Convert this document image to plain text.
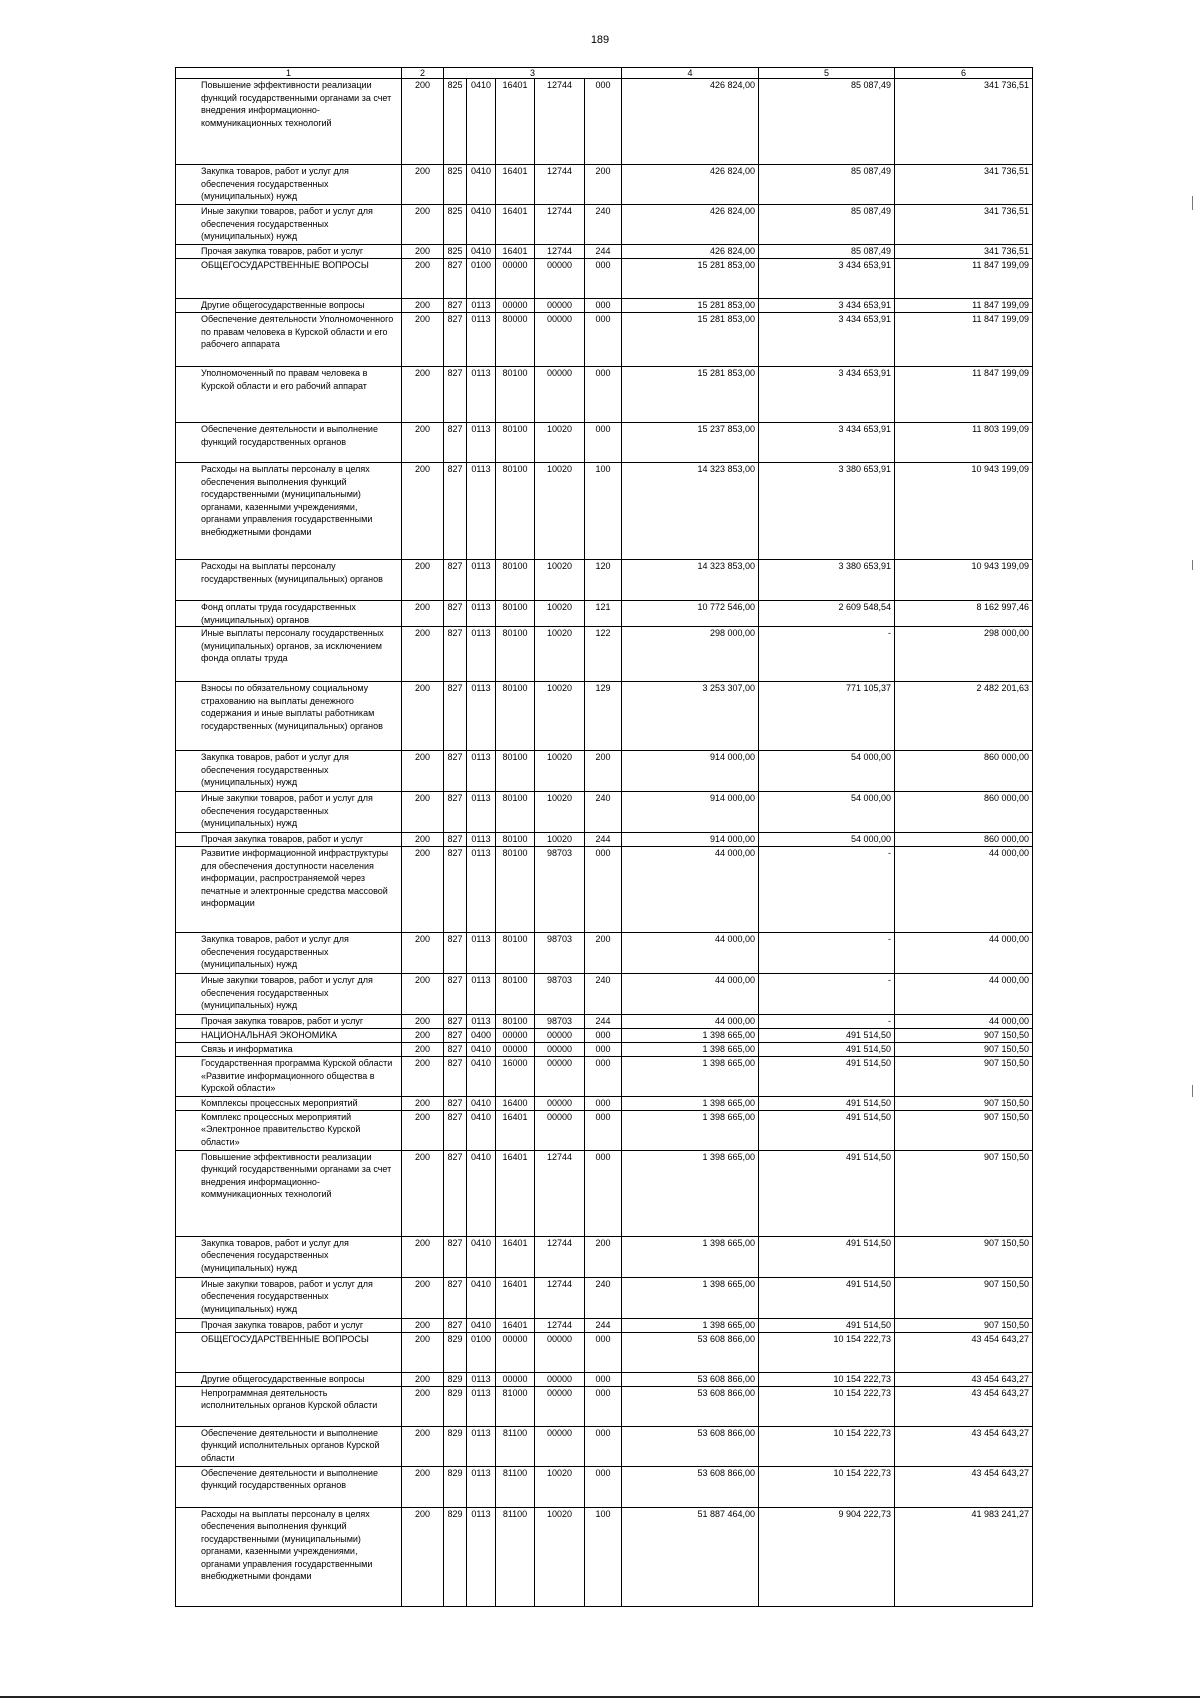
189
1	2	3					4	5	6
Повышение эффективности реализации функций государственными органами за счет внедрения информационно-коммуникационных технологий	200	825	0410	16401	12744	000	426 824,00	85 087,49	341 736,51
Закупка товаров, работ и услуг для обеспечения государственных (муниципальных) нужд	200	825	0410	16401	12744	200	426 824,00	85 087,49	341 736,51
Иные закупки товаров, работ и услуг для обеспечения государственных (муниципальных) нужд	200	825	0410	16401	12744	240	426 824,00	85 087,49	341 736,51
Прочая закупка товаров, работ и услуг	200	825	0410	16401	12744	244	426 824,00	85 087,49	341 736,51
ОБЩЕГОСУДАРСТВЕННЫЕ ВОПРОСЫ	200	827	0100	00000	00000	000	15 281 853,00	3 434 653,91	11 847 199,09
Другие общегосударственные вопросы	200	827	0113	00000	00000	000	15 281 853,00	3 434 653,91	11 847 199,09
Обеспечение деятельности Уполномоченного по правам человека в Курской области и его рабочего аппарата	200	827	0113	80000	00000	000	15 281 853,00	3 434 653,91	11 847 199,09
Уполномоченный по правам человека в Курской области и его рабочий аппарат	200	827	0113	80100	00000	000	15 281 853,00	3 434 653,91	11 847 199,09
Обеспечение деятельности и выполнение функций государственных органов	200	827	0113	80100	10020	000	15 237 853,00	3 434 653,91	11 803 199,09
Расходы на выплаты персоналу в целях обеспечения выполнения функций государственными (муниципальными) органами, казенными учреждениями, органами управления государственными внебюджетными фондами	200	827	0113	80100	10020	100	14 323 853,00	3 380 653,91	10 943 199,09
Расходы на выплаты персоналу государственных (муниципальных) органов	200	827	0113	80100	10020	120	14 323 853,00	3 380 653,91	10 943 199,09
Фонд оплаты труда государственных (муниципальных) органов	200	827	0113	80100	10020	121	10 772 546,00	2 609 548,54	8 162 997,46
Иные выплаты персоналу государственных (муниципальных) органов, за исключением фонда оплаты труда	200	827	0113	80100	10020	122	298 000,00	-	298 000,00
Взносы по обязательному социальному страхованию на выплаты денежного содержания и иные выплаты работникам государственных (муниципальных) органов	200	827	0113	80100	10020	129	3 253 307,00	771 105,37	2 482 201,63
Закупка товаров, работ и услуг для обеспечения государственных (муниципальных) нужд	200	827	0113	80100	10020	200	914 000,00	54 000,00	860 000,00
Иные закупки товаров, работ и услуг для обеспечения государственных (муниципальных) нужд	200	827	0113	80100	10020	240	914 000,00	54 000,00	860 000,00
Прочая закупка товаров, работ и услуг	200	827	0113	80100	10020	244	914 000,00	54 000,00	860 000,00
Развитие информационной инфраструктуры для обеспечения доступности населения информации, распространяемой через печатные и электронные средства массовой информации	200	827	0113	80100	98703	000	44 000,00	-	44 000,00
Закупка товаров, работ и услуг для обеспечения государственных (муниципальных) нужд	200	827	0113	80100	98703	200	44 000,00	-	44 000,00
Иные закупки товаров, работ и услуг для обеспечения государственных (муниципальных) нужд	200	827	0113	80100	98703	240	44 000,00	-	44 000,00
Прочая закупка товаров, работ и услуг	200	827	0113	80100	98703	244	44 000,00	-	44 000,00
НАЦИОНАЛЬНАЯ ЭКОНОМИКА	200	827	0400	00000	00000	000	1 398 665,00	491 514,50	907 150,50
Связь и информатика	200	827	0410	00000	00000	000	1 398 665,00	491 514,50	907 150,50
Государственная программа Курской области «Развитие информационного общества в Курской области»	200	827	0410	16000	00000	000	1 398 665,00	491 514,50	907 150,50
Комплексы процессных мероприятий	200	827	0410	16400	00000	000	1 398 665,00	491 514,50	907 150,50
Комплекс процессных мероприятий «Электронное правительство Курской области»	200	827	0410	16401	00000	000	1 398 665,00	491 514,50	907 150,50
Повышение эффективности реализации функций государственными органами за счет внедрения информационно-коммуникационных технологий	200	827	0410	16401	12744	000	1 398 665,00	491 514,50	907 150,50
Закупка товаров, работ и услуг для обеспечения государственных (муниципальных) нужд	200	827	0410	16401	12744	200	1 398 665,00	491 514,50	907 150,50
Иные закупки товаров, работ и услуг для обеспечения государственных (муниципальных) нужд	200	827	0410	16401	12744	240	1 398 665,00	491 514,50	907 150,50
Прочая закупка товаров, работ и услуг	200	827	0410	16401	12744	244	1 398 665,00	491 514,50	907 150,50
ОБЩЕГОСУДАРСТВЕННЫЕ ВОПРОСЫ	200	829	0100	00000	00000	000	53 608 866,00	10 154 222,73	43 454 643,27
Другие общегосударственные вопросы	200	829	0113	00000	00000	000	53 608 866,00	10 154 222,73	43 454 643,27
Непрограммная деятельность исполнительных органов Курской области	200	829	0113	81000	00000	000	53 608 866,00	10 154 222,73	43 454 643,27
Обеспечение деятельности и выполнение функций исполнительных органов Курской области	200	829	0113	81100	00000	000	53 608 866,00	10 154 222,73	43 454 643,27
Обеспечение деятельности и выполнение функций государственных органов	200	829	0113	81100	10020	000	53 608 866,00	10 154 222,73	43 454 643,27
Расходы на выплаты персоналу в целях обеспечения выполнения функций государственными (муниципальными) органами, казенными учреждениями, органами управления государственными внебюджетными фондами	200	829	0113	81100	10020	100	51 887 464,00	9 904 222,73	41 983 241,27
